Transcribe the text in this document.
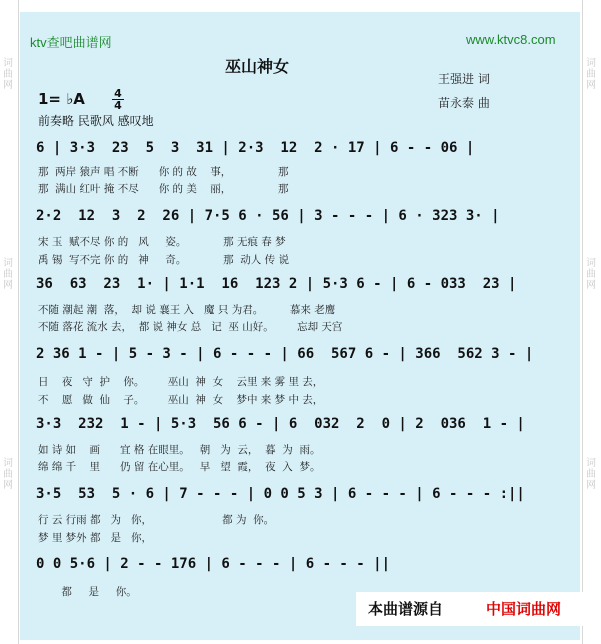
词曲网
词曲网
词曲网
词曲网
词曲网
词曲网
ktv查吧曲谱网	www.ktvc8.com
巫山神女
王强进 词
苗永泰 曲
1= ♭A	4
4
前奏略 民歌风 感叹地
6 | 3·3  23  5  3  31 | 2·3  12  2 · 17 | 6 - - 06 |
那  两岸 猿声 唱 不断      你 的 故    事，              那
那  满山 红叶 掩 不尽      你 的 美    丽，              那
2·2  12  3  2  26 | 7·5 6 · 56 | 3 - - - | 6 · 323 3· |
宋 玉  赋不尽 你 的   风     姿。           那 无痕 春 梦
禹 锡  写不完 你 的   神     奇。           那  动人 传 说
36  63  23  1· | 1·1  16  123 2 | 5·3 6 - | 6 - 033  23 |
不随 潮起 潮  落，  却 说 襄王 入   魔 只 为君。        慕来 老鹰
不随 落花 流水 去，  都 说 神女 总   记  巫 山好。       忘却 天宫
2 36 1 - | 5 - 3 - | 6 - - - | 66  567 6 - | 366  562 3 - |
日    夜   守  护    你。       巫山  神  女    云里 来 雾 里 去，
不    愿   做  仙    子。       巫山  神  女    梦中 来 梦 中 去，
3·3  232  1 - | 5·3  56 6 - | 6  032  2  0 | 2  036  1 - |
如 诗 如    画      宜 格 在眼里。   朝   为  云，  暮  为  雨。
绵 绵 千    里      仍 留 在心里。   早   望  霞，  夜  入  梦。
3·5  53  5 · 6 | 7 - - - | 0 0 5 3 | 6 - - - | 6 - - - :||
行 云 行雨 都   为   你，                     都 为  你。
梦 里 梦外 都   是   你，
0 0 5·6 | 2 - - 176 | 6 - - - | 6 - - - ||
都     是     你。
本曲谱源自	中国词曲网
